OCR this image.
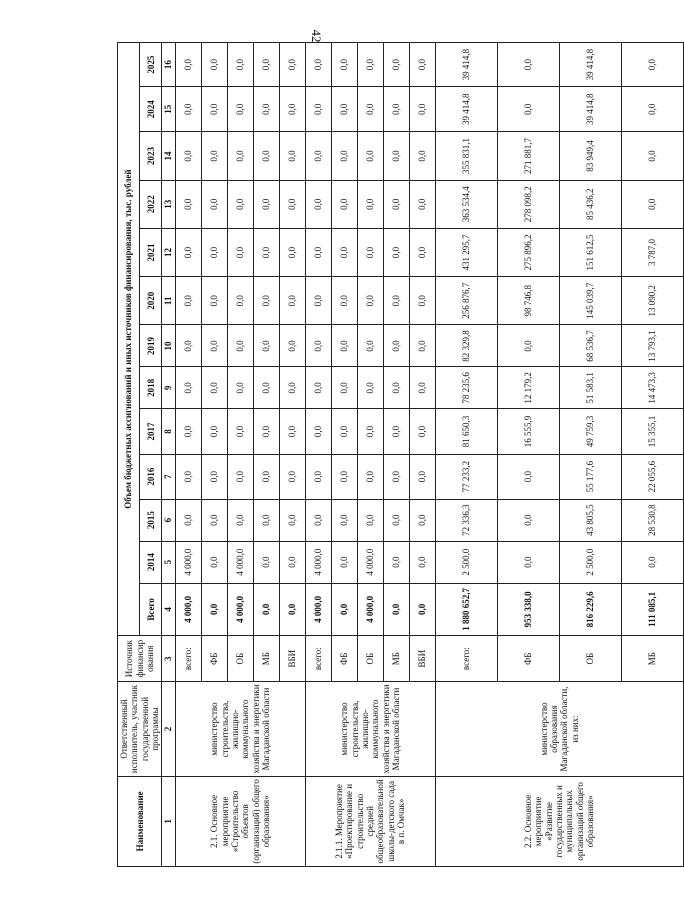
42
Наименование	Ответственный исполнитель, участник государственной программы	Источник финансирования	Объем бюджетных ассигнований и иных источников финансирования, тыс. рублей												
			Всего	2014	2015	2016	2017	2018	2019	2020	2021	2022	2023	2024	2025
1	2	3	4	5	6	7	8	9	10	11	12	13	14	15	16
2.1. Основное мероприятие «Строительство объектов (организаций) общего образования»	министерство строительства, жилищно-коммунального хозяйства и энергетики Магаданской области	всего:	4 000,0	4 000,0	0,0	0,0	0,0	0,0	0,0	0,0	0,0	0,0	0,0	0,0	0,0
		ФБ	0,0	0,0	0,0	0,0	0,0	0,0	0,0	0,0	0,0	0,0	0,0	0,0	0,0
		ОБ	4 000,0	4 000,0	0,0	0,0	0,0	0,0	0,0	0,0	0,0	0,0	0,0	0,0	0,0
		МБ	0,0	0,0	0,0	0,0	0,0	0,0	0,0	0,0	0,0	0,0	0,0	0,0	0,0
		ВБИ	0,0	0,0	0,0	0,0	0,0	0,0	0,0	0,0	0,0	0,0	0,0	0,0	0,0
2.1.1. Мероприятие «Проектирование и строительство средней общеобразовательной школы-детского сада в п. Омчак»	министерство строительства, жилищно-коммунального хозяйства и энергетики Магаданской области	всего:	4 000,0	4 000,0	0,0	0,0	0,0	0,0	0,0	0,0	0,0	0,0	0,0	0,0	0,0
		ФБ	0,0	0,0	0,0	0,0	0,0	0,0	0,0	0,0	0,0	0,0	0,0	0,0	0,0
		ОБ	4 000,0	4 000,0	0,0	0,0	0,0	0,0	0,0	0,0	0,0	0,0	0,0	0,0	0,0
		МБ	0,0	0,0	0,0	0,0	0,0	0,0	0,0	0,0	0,0	0,0	0,0	0,0	0,0
		ВБИ	0,0	0,0	0,0	0,0	0,0	0,0	0,0	0,0	0,0	0,0	0,0	0,0	0,0
2.2. Основное мероприятие «Развитие государственных и муниципальных организаций общего образования»	министерство образования Магаданской области, из них:	всего:	1 880 652,7	2 500,0	72 336,3	77 233,2	81 650,3	78 235,6	82 329,8	256 876,7	431 295,7	363 534,4	355 831,1	39 414,8	39 414,8
		ФБ	953 338,0	0,0	0,0	0,0	16 555,9	12 179,2	0,0	98 746,8	275 896,2	278 098,2	271 881,7	0,0	0,0
		ОБ	816 229,6	2 500,0	43 805,5	55 177,6	49 759,3	51 583,1	68 536,7	145 039,7	151 612,5	85 436,2	83 949,4	39 414,8	39 414,8
		МБ	111 085,1	0,0	28 530,8	22 055,6	15 355,1	14 473,3	13 793,1	13 090,2	3 787,0	0,0	0,0	0,0	0,0
